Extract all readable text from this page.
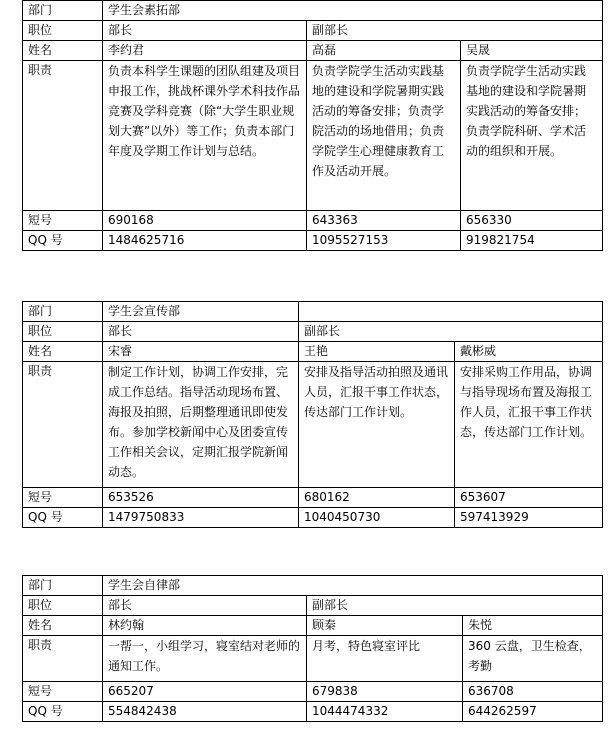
部门	学生会素拓部		
职位	部长	副部长	
姓名	李约君	高磊	吴晟
职责	负责本科学生课题的团队组建及项目申报工作，挑战杯课外学术科技作品竞赛及学科竞赛（除“大学生职业规划大赛”以外）等工作；负责本部门年度及学期工作计划与总结。	负责学院学生活动实践基地的建设和学院暑期实践活动的筹备安排；负责学院活动的场地借用；负责学院学生心理健康教育工作及活动开展。	负责学院学生活动实践基地的建设和学院暑期实践活动的筹备安排；负责学院科研、学术活动的组织和开展。
短号	690168	643363	656330
QQ 号	1484625716	1095527153	919821754
部门	学生会宣传部		
职位	部长	副部长	
姓名	宋睿	王艳	戴彬威
职责	制定工作计划，协调工作安排，完成工作总结。指导活动现场布置、海报及拍照，后期整理通讯即使发布。参加学校新闻中心及团委宣传工作相关会议，定期汇报学院新闻动态。	安排及指导活动拍照及通讯人员，汇报干事工作状态，传达部门工作计划。	安排采购工作用品，协调与指导现场布置及海报工作人员，汇报干事工作状态，传达部门工作计划。
短号	653526	680162	653607
QQ 号	1479750833	1040450730	597413929
部门	学生会自律部		
职位	部长	副部长	
姓名	林约翰	顾秦	朱悦
职责	一帮一，小组学习，寝室结对老师的通知工作。	月考，特色寝室评比	360 云盘，卫生检查，考勤
短号	665207	679838	636708
QQ 号	554842438	1044474332	644262597
